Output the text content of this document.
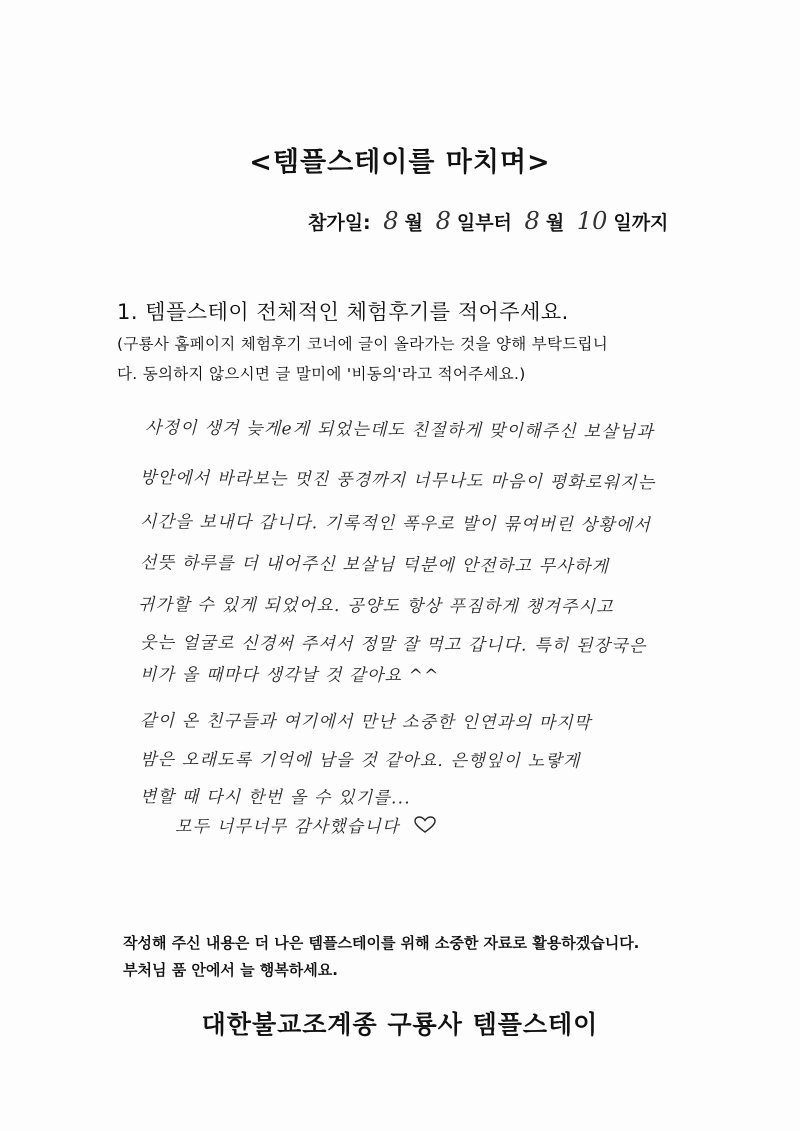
<템플스테이를 마치며>
참가일: 8 월 8 일부터 8 월 10 일까지
1. 템플스테이 전체적인 체험후기를 적어주세요.
(구룡사 홈페이지 체험후기 코너에 글이 올라가는 것을 양해 부탁드립니
다. 동의하지 않으시면 글 말미에 '비동의'라고 적어주세요.)
사정이 생겨 늦게e게 되었는데도 친절하게 맞이해주신 보살님과
방안에서 바라보는 멋진 풍경까지 너무나도 마음이 평화로워지는
시간을 보내다 갑니다. 기록적인 폭우로 발이 묶여버린 상황에서
선뜻 하루를 더 내어주신 보살님 덕분에 안전하고 무사하게
귀가할 수 있게 되었어요. 공양도 항상 푸짐하게 챙겨주시고
웃는 얼굴로 신경써 주셔서 정말 잘 먹고 갑니다. 특히 된장국은
비가 올 때마다 생각날 것 같아요 ^^
같이 온 친구들과 여기에서 만난 소중한 인연과의 마지막
밤은 오래도록 기억에 남을 것 같아요. 은행잎이 노랗게
변할 때 다시 한번 올 수 있기를...
모두 너무너무 감사했습니다
작성해 주신 내용은 더 나은 템플스테이를 위해 소중한 자료로 활용하겠습니다.
부처님 품 안에서 늘 행복하세요.
대한불교조계종 구룡사 템플스테이
